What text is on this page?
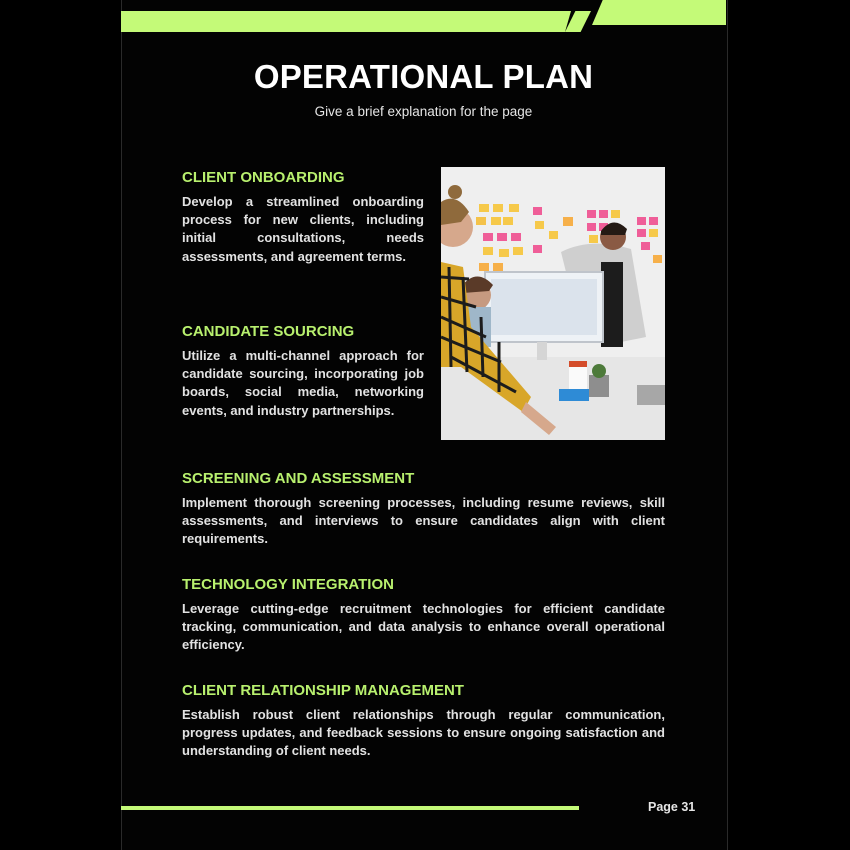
OPERATIONAL PLAN
Give a brief explanation for the page
CLIENT ONBOARDING

Develop a streamlined onboarding process for new clients, including initial consultations, needs assessments, and agreement terms.

CANDIDATE SOURCING

Utilize a multi-channel approach for candidate sourcing, incorporating job boards, social media, networking events, and industry partnerships.

SCREENING AND ASSESSMENT

Implement thorough screening processes, including resume reviews, skill assessments, and interviews to ensure candidates align with client requirements.

TECHNOLOGY INTEGRATION

Leverage cutting-edge recruitment technologies for efficient candidate tracking, communication, and data analysis to enhance overall operational efficiency.

CLIENT RELATIONSHIP MANAGEMENT

Establish robust client relationships through regular communication, progress updates, and feedback sessions to ensure ongoing satisfaction and understanding of client needs.

Page 31
